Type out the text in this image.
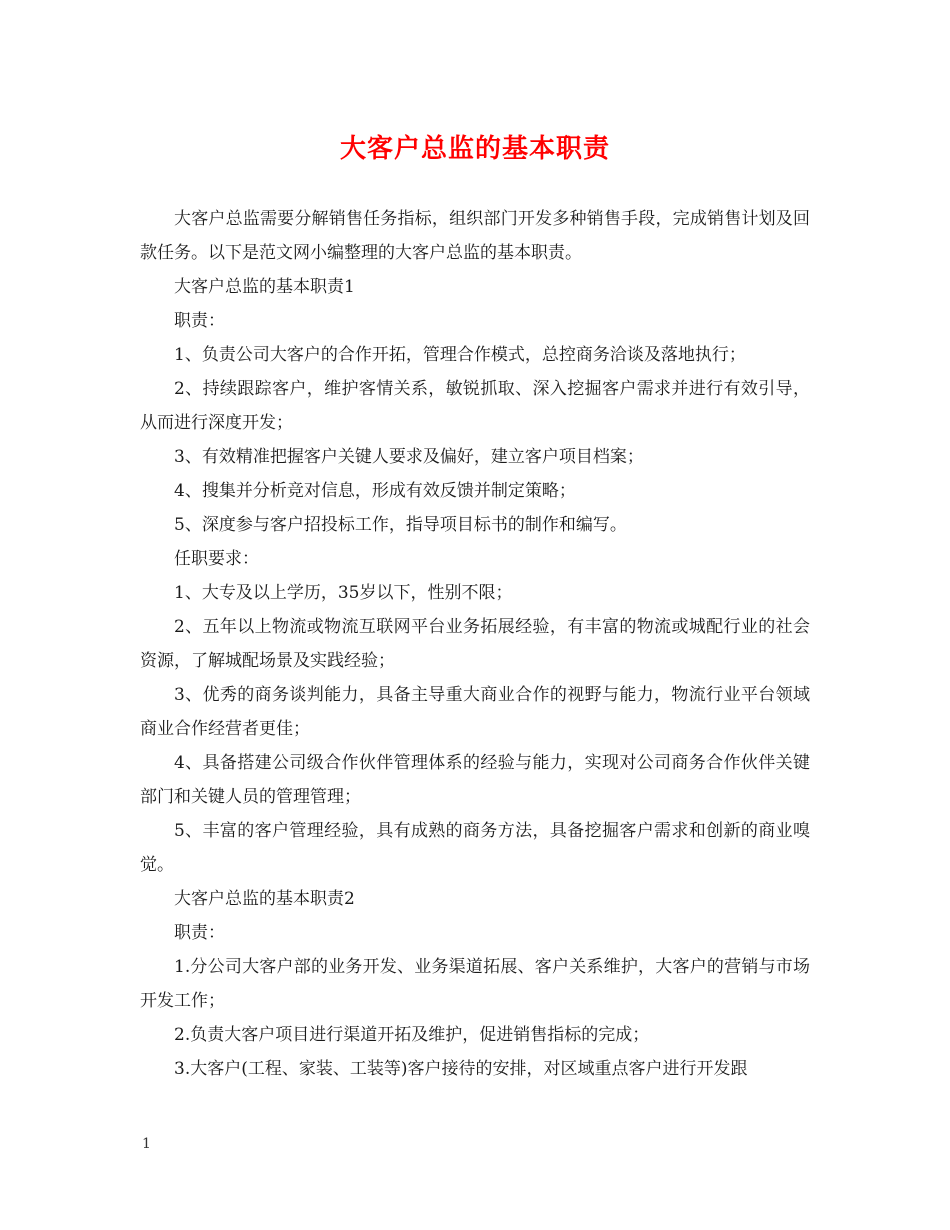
大客户总监的基本职责

大客户总监需要分解销售任务指标，组织部门开发多种销售手段，完成销售计划及回款任务。以下是范文网小编整理的大客户总监的基本职责。

大客户总监的基本职责1

职责：

1、负责公司大客户的合作开拓，管理合作模式，总控商务洽谈及落地执行；

2、持续跟踪客户，维护客情关系，敏锐抓取、深入挖掘客户需求并进行有效引导，从而进行深度开发；

3、有效精准把握客户关键人要求及偏好，建立客户项目档案；

4、搜集并分析竞对信息，形成有效反馈并制定策略；

5、深度参与客户招投标工作，指导项目标书的制作和编写。

任职要求：

1、大专及以上学历，35岁以下，性别不限；

2、五年以上物流或物流互联网平台业务拓展经验，有丰富的物流或城配行业的社会资源，了解城配场景及实践经验；

3、优秀的商务谈判能力，具备主导重大商业合作的视野与能力，物流行业平台领域商业合作经营者更佳；

4、具备搭建公司级合作伙伴管理体系的经验与能力，实现对公司商务合作伙伴关键部门和关键人员的管理管理；

5、丰富的客户管理经验，具有成熟的商务方法，具备挖掘客户需求和创新的商业嗅觉。

大客户总监的基本职责2

职责：

1.分公司大客户部的业务开发、业务渠道拓展、客户关系维护，大客户的营销与市场开发工作；

2.负责大客户项目进行渠道开拓及维护，促进销售指标的完成；

3.大客户(工程、家装、工装等)客户接待的安排，对区域重点客户进行开发跟

1
